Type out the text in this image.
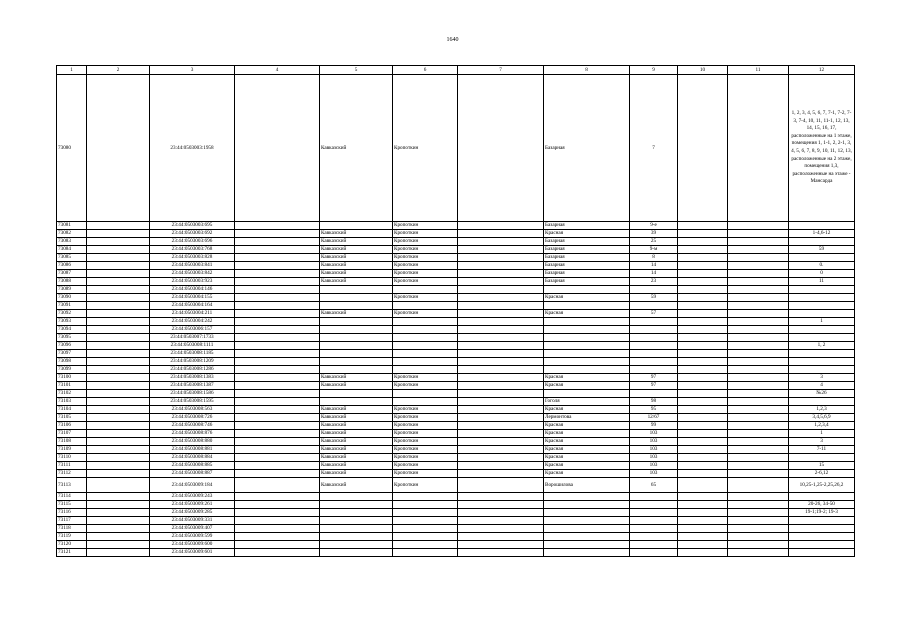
1640
1	2	3	4	5	6	7	8	9	10	11	12
73080		23:44:0503003:1958		Кавказский	Кропоткин		Базарная	7			1, 2, 3, 4, 5, 6, 7, 7-1, 7-2, 7-3, 7-4, 10, 11, 11-1, 12, 13, 14, 15, 16, 17, расположенные на 1 этаже, помещения 1, 1-1, 2, 2-1, 3, 4, 5, 6, 7, 8, 9, 10, 11, 12, 13, расположенные на 2 этаже, помещения 1,3, расположенные на этаже - Мансарда
73081		23:44:0503003:695			Кропоткин		Базарная	9-е			
73082		23:44:0503003:692		Кавказский	Кропоткин		Красная	39			1-4,6-12
73083		23:44:0503003:696		Кавказский	Кропоткин		Базарная	25			
73084		23:44:0503003:768		Кавказский	Кропоткин		Базарная	9-м			59
73085		23:44:0503003:828		Кавказский	Кропоткин		Базарная	8			
73086		23:44:0503003:841		Кавказский	Кропоткин		Базарная	14			0.
73087		23:44:0503003:842		Кавказский	Кропоткин		Базарная	14			0
73088		23:44:0503003:923		Кавказский	Кропоткин		Базарная	23			11
73089		23:44:0503004:146									
73090		23:44:0503004:155			Кропоткин		Красная	59			
73091		23:44:0503004:164									
73092		23:44:0503004:211		Кавказский	Кропоткин		Красная	57			
73093		23:44:0503004:242									1
73094		23:44:0503006:157									
73095		23:44:0503007:1733									
73096		23:44:0503008:1111									1, 2
73097		23:44:0503008:1185									
73098		23:44:0503008:1209									
73099		23:44:0503008:1286									
73100		23:44:0503008:1383		Кавказский	Кропоткин		Красная	97			3
73101		23:44:0503008:1387		Кавказский	Кропоткин		Красная	97			4
73102		23:44:0503008:1586									№26
73103		23:44:0503008:1595					Гоголя	98			
73104		23:44:0503008:563		Кавказский	Кропоткин		Красная	95			1,2,3
73105		23:44:0503008:726		Кавказский	Кропоткин		Лермонтова	12/67			3,4,5,6,9
73106		23:44:0503008:746		Кавказский	Кропоткин		Красная	99			1,2,3,4
73107		23:44:0503008:876		Кавказский	Кропоткин		Красная	103			1
73108		23:44:0503008:880		Кавказский	Кропоткин		Красная	103			3
73109		23:44:0503008:881		Кавказский	Кропоткин		Красная	103			7-11
73110		23:44:0503008:884		Кавказский	Кропоткин		Красная	103			
73111		23:44:0503008:885		Кавказский	Кропоткин		Красная	103			15
73112		23:44:0503008:887		Кавказский	Кропоткин		Красная	103			2-6,12
73113		23:44:0503009:184		Кавказский	Кропоткин		Ворошилова	65			10,25-1,25-2,25,26,2
73114		23:44:0503009:243									
73115		23:44:0503009:261									20-26, 34-50
73116		23:44:0503009:285									19-1;19-2; 19-3
73117		23:44:0503009:331									
73118		23:44:0503009:407									
73119		23:44:0503009:599									
73120		23:44:0503009:600									
73121		23:44:0503009:601									
